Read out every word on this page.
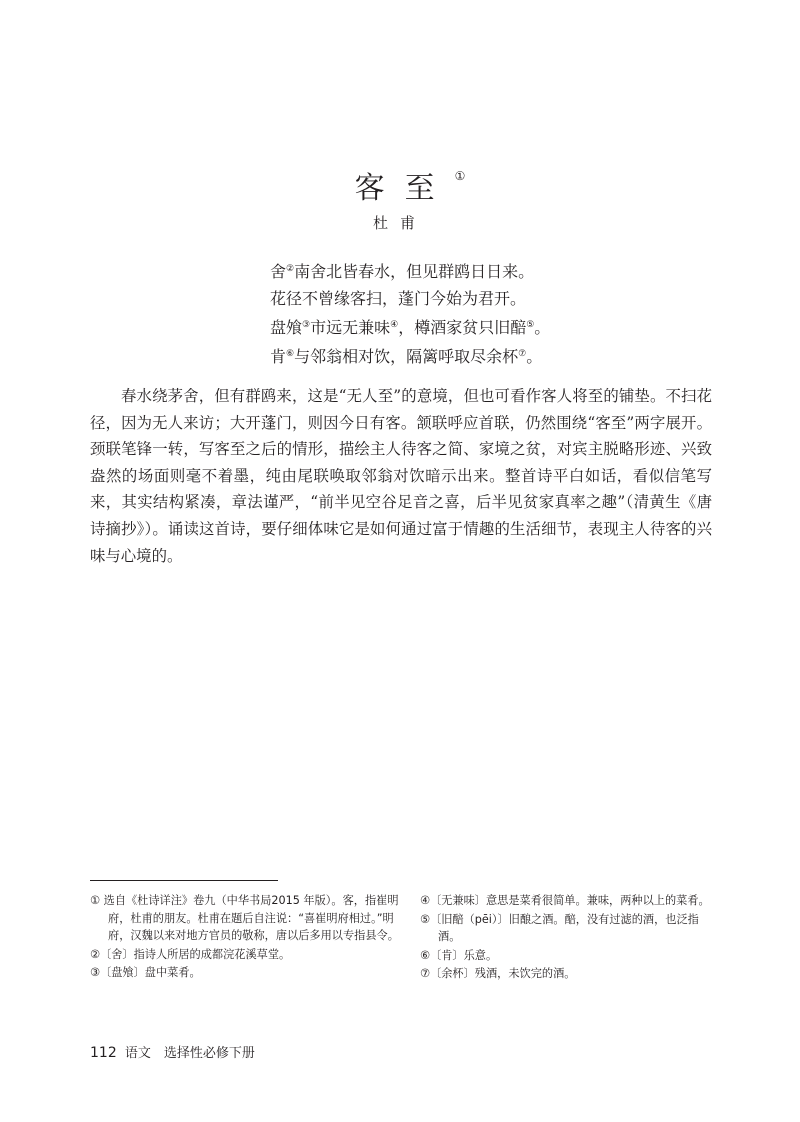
客至①
杜甫
舍②南舍北皆春水，但见群鸥日日来。
花径不曾缘客扫，蓬门今始为君开。
盘飧③市远无兼味④，樽酒家贫只旧醅⑤。
肯⑥与邻翁相对饮，隔篱呼取尽余杯⑦。
春水绕茅舍，但有群鸥来，这是“无人至”的意境，但也可看作客人将至的铺垫。不扫花径，因为无人来访；大开蓬门，则因今日有客。颔联呼应首联，仍然围绕“客至”两字展开。颈联笔锋一转，写客至之后的情形，描绘主人待客之简、家境之贫，对宾主脱略形迹、兴致盎然的场面则毫不着墨，纯由尾联唤取邻翁对饮暗示出来。整首诗平白如话，看似信笔写来，其实结构紧凑，章法谨严，“前半见空谷足音之喜，后半见贫家真率之趣”（清黄生《唐诗摘抄》）。诵读这首诗，要仔细体味它是如何通过富于情趣的生活细节，表现主人待客的兴味与心境的。
① 选自《杜诗详注》卷九（中华书局2015 年版）。客，指崔明府，杜甫的朋友。杜甫在题后自注说：“喜崔明府相过。”明府，汉魏以来对地方官员的敬称，唐以后多用以专指县令。
②〔舍〕指诗人所居的成都浣花溪草堂。
③〔盘飧〕盘中菜肴。
④〔无兼味〕意思是菜肴很简单。兼味，两种以上的菜肴。
⑤〔旧醅（pēi）〕旧酿之酒。醅，没有过滤的酒，也泛指酒。
⑥〔肯〕乐意。
⑦〔余杯〕残酒，未饮完的酒。
112 语文　选择性必修下册
